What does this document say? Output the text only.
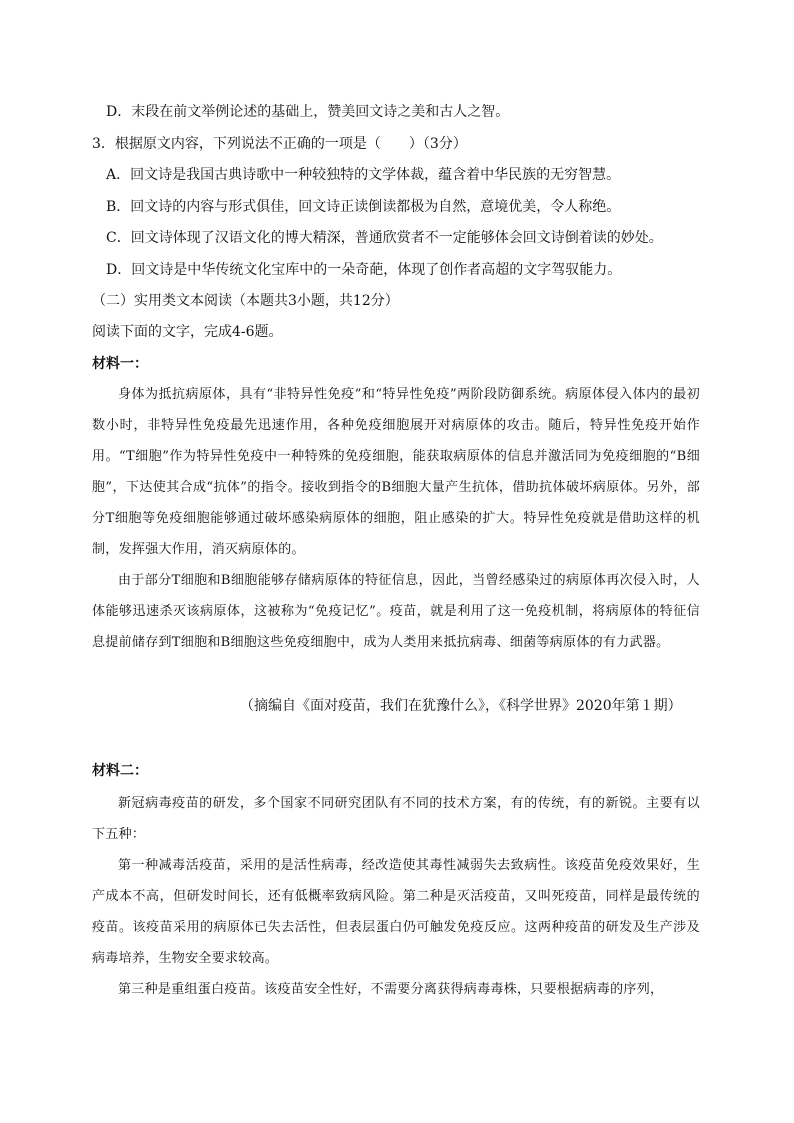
D．末段在前文举例论述的基础上，赞美回文诗之美和古人之智。
3．根据原文内容，下列说法不正确的一项是（　　）（3分）
A．回文诗是我国古典诗歌中一种较独特的文学体裁，蕴含着中华民族的无穷智慧。
B．回文诗的内容与形式俱佳，回文诗正读倒读都极为自然，意境优美，令人称绝。
C．回文诗体现了汉语文化的博大精深，普通欣赏者不一定能够体会回文诗倒着读的妙处。
D．回文诗是中华传统文化宝库中的一朵奇葩，体现了创作者高超的文字驾驭能力。
（二）实用类文本阅读（本题共3小题，共12分）
阅读下面的文字，完成4-6题。
材料一：

身体为抵抗病原体，具有“非特异性免疫”和“特异性免疫”两阶段防御系统。病原体侵入体内的最初数小时，非特异性免疫最先迅速作用，各种免疫细胞展开对病原体的攻击。随后，特异性免疫开始作用。“T细胞”作为特异性免疫中一种特殊的免疫细胞，能获取病原体的信息并激活同为免疫细胞的“B细胞”，下达使其合成“抗体”的指令。接收到指令的B细胞大量产生抗体，借助抗体破坏病原体。另外，部分T细胞等免疫细胞能够通过破坏感染病原体的细胞，阻止感染的扩大。特异性免疫就是借助这样的机制，发挥强大作用，消灭病原体的。

由于部分T细胞和B细胞能够存储病原体的特征信息，因此，当曾经感染过的病原体再次侵入时，人体能够迅速杀灭该病原体，这被称为“免疫记忆”。疫苗，就是利用了这一免疫机制，将病原体的特征信息提前储存到T细胞和B细胞这些免疫细胞中，成为人类用来抵抗病毒、细菌等病原体的有力武器。

（摘编自《面对疫苗，我们在犹豫什么》，《科学世界》2020年第１期）
材料二：

新冠病毒疫苗的研发，多个国家不同研究团队有不同的技术方案，有的传统，有的新锐。主要有以下五种：

第一种减毒活疫苗，采用的是活性病毒，经改造使其毒性减弱失去致病性。该疫苗免疫效果好，生产成本不高，但研发时间长，还有低概率致病风险。第二种是灭活疫苗，又叫死疫苗，同样是最传统的疫苗。该疫苗采用的病原体已失去活性，但表层蛋白仍可触发免疫反应。这两种疫苗的研发及生产涉及病毒培养，生物安全要求较高。

第三种是重组蛋白疫苗。该疫苗安全性好，不需要分离获得病毒毒株，只要根据病毒的序列，
